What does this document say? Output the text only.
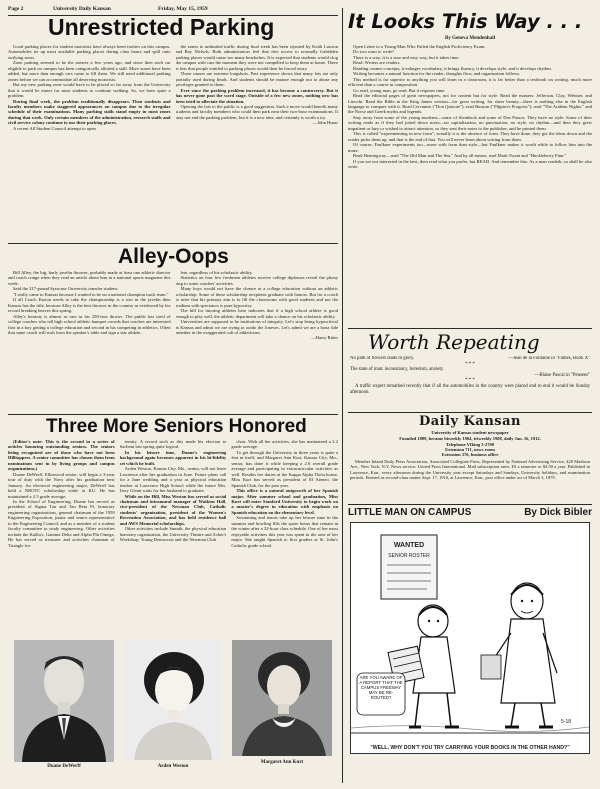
Page 2	University Daily Kansan	Friday, May 15, 1959
Unrestricted Parking

Good parking places for student motorists have always been rarities on this campus. Automobiles tie up most available parking places during class hours and spill onto outlying areas.

Zone parking seemed to be the answer a few years ago, and since then each car eligible to park on campus has been categorically allotted a stall. More zones have been added, but more than enough cars came to fill them. We still need additional parking zones before we can accommodate all deserving motorists.

But my new parking zone would have to be placed so far away from the University that it would be easier for most students to continue walking. So, we have quite a problem.

During final week, the problem traditionally disappears. Then students and faculty members make staggered appearances on campus due to the irregular schedule of their examinations. Many parking stalls stand empty in most zones during that week. Only certain members of the administration, research staffs and civil service colony continue to use their parking places.

A recent All Student Council attempt to open

the zones to unlimited traffic during final week has been stymied by Keith Lawton and Ray Nichols. Both administrators feel that free access to normally forbidden parking places would cause too many headaches. It is expected that students would clog the campus with cars the moment they were not compelled to keep them at home. There is fear that people entitled to parking places would then be forced away.

These causes are extreme longshots. Past experience shows that many lots are only partially used during finals. And students should be mature enough not to abuse any privileges granted to them.

Ever since the parking problem increased, it has become a controversy. But it has never gone past the word stage. Outside of a few new zones, nothing new has been tried to alleviate the situation.

Opening the lots to the public is a good suggestion. Such a move would benefit many students and faculty members who could then park near their two-hour examinations. It may not end the parking problem, but it is a new idea, and certainly is worth a try.

—John Husar

Alley-Oops

Bill Alley, the big, burly javelin thrower, probably made at least one athletic director and coach cringe when they read an article about him in a national sports magazine this week.

Said the 217-pound Syracuse University transfer student:

"I really came to Kansas because I wanted to be on a national champion track team."

If all Coach Easton needs to take the championship is a win in the javelin then Kansas has the title, because Alley is the best thrower in the country as evidenced by his record breaking heaves this spring.

Alley's honesty is almost as rare as his 250-foot throws. The public has tired of college coaches who tell high school athletic banquet crowds that coaches are interested first in a boy getting a college education and second in his competing in athletics. Often that same coach will rush from the speaker's table and sign a star athlete,

lete, regardless of his scholastic ability.

Statistics on four few freshmen athletes receive college diplomas reveal the phony ring to some coaches' activities.

Many boys would not have the chance at a college education without an athletic scholarship. Some of these scholarship recipients graduate with honors. But for a coach to infer that his primary aim is to fill the classrooms with good students and not the stadium with spectators is pure hypocrisy.

The bill for tutoring athletes here indicates that if a high school athlete is good enough to play well, the athletic department will take a chance on his scholastic ability.

Universities are supposed to be institutions of integrity. Let's stop being hypocritical at Kansas and admit we are trying to outdo the Joneses. Let's admit we are a bona fide member in the exaggerated cult of athleticism.

—Harry Ritter

Three More Seniors Honored

(Editor's note: This is the second in a series of articles honoring outstanding seniors. The seniors being recognized are of those who have not been Hilltoppers. A senior committee has chosen them from nominations sent in by living groups and campus organizations.)

Duane DeWerff, Ellinwood senior, will begin a 3-year tour of duty with the Navy after his graduation next January. An electrical engineering major, DeWerff has held a NROTC scholarship while at KU. He has maintained a 2.5 grade average.

In the School of Engineering, Duane has served as president of Sigma Tau and Tau Beta Pi, honorary engineering organizations, general chairman of the 1959 Engineering Exposition, junior and senior representative to the Engineering Council, and as a member of a student faculty committee to study engineering. Other activities include the KuKu's, Gamma Delta and Alpha Phi Omega. He has served as treasurer and activities chairman of Triangle fra-

ternity. A record such as this made his election to Sachem last spring quite logical.

In his leisure time, Duane's engineering background again becomes apparent in his hi-fidelity set which he built.

Arden Weston, Kansas City, Mo., senior, will not leave Lawrence after her graduation in June. Future plans call for a June wedding and a year as physical education teacher at Lawrence High School while the future Mrs. Jerry Glenn waits for her husband to graduate.

While on the Hill, Miss Weston has served as social chairman and intramural manager of Watkins Hall, vice-president of the Newman Club, Catholic students' organization, president of the Women's Recreation Association, and has held residence hall and AWS Memorial scholarships.

Other activities include Sunnik, the physical education honorary organization, the University Theatre and Acker's Workshop, Young Democrats and the Newman Club

choir. With all her activities, she has maintained a 2.2 grade average.

To get through the University in three years is quite a feat in itself, and Margaret Ann Kurt, Kansas City, Mo., senior, has done it while keeping a 2.6 overall grade average and participating in extracurricular activities as well. Besides her duties at the Kappa Alpha Theta house, Miss Kurt has served as president of El Ateneo, the Spanish Club, for the past year.

This office is a natural outgrowth of her Spanish major. After summer school and graduation, Miss Kurt will enter Stanford University to begin work on a master's degree in education with emphasis on Spanish education on the elementary level.

Swimming and tennis take up her leisure time in the summer and bowling fills the spare hours that remain in the winter after a 32-hour class schedule. One of her most enjoyable activities this year was spent in the area of her major. She taught Spanish to first graders at St. John's Catholic grade school.

Duane DeWerff	Arden Weston
Margaret Ann Kurt
It Looks This Way . . .
By Geneva Mendenhall

Open Letter to a Young Man Who Failed the English Proficiency Exam:

Do you want to write?

There is a way; it is a sure and easy way, but it takes time.

Read. Writers are readers.

Reading creates concepts, it enlarges vocabulary, it brings fluency, it develops style, and it develops rhythm.

Writing becomes a natural function for the reader; thoughts flow, and organization follows.

This method is far superior to anything you will learn in a classroom, it is far better than a textbook on writing, much more efficient than a course in composition.

Go read, young man, go read. But it requires time.

Read the editorial pages of great newspapers, not for content but for style. Read the masters: Jefferson, Clay, Webster, and Lincoln. Read the Bible in the King James version—for great writing, for sheer beauty—there is nothing else in the English language to compare with it. Read Cervantes ("Don Quixote"); read Bunyan ("Pilgrim's Progress"); read "The Arabian Nights," and the Norse and Greek myths and legends.

Stay away from some of the young moderns—some of Steinbeck and some of Dos Passos. They have no style. Some of their writing reads as if they had jotted down notes—no capitalization, no punctuation, no style, no rhythm—and then they grew impatient or lazy or wished to attract attention, so they sent their notes to the publisher, and he printed them.

This is called "experimenting in new form"; actually it is the absence of form. They have done, they got the ideas down and the reader picks them up, and that is the end of that. You will never learn about writing from them.

Of course, Faulkner experiments too—more with form than style—but Faulkner makes it worth while to follow him into the maze.

Read Hemingway—read "The Old Man and The Sea." And by all means, read Mark Twain and "Huckleberry Finn."

If you are not interested in the best, then read what you prefer, but READ. And remember this: As a man readeth, so shall he also write.

Worth Repeating
No path of flowers leads to glory.	—Jean de la Fontaine in "Fables, Book X"
* * *
The state of man: inconstancy, boredom, anxiety.
—Blaise Pascal in "Pensees"
* * *

A traffic expert remarked recently that if all the automobiles in the country were placed end to end it would be Sunday afternoon.

Daily Kansan
University of Kansas student newspaper
Founded 1889, became biweekly 1904, triweekly 1908, daily Jan. 16, 1912.
Telephone VIking 3-2700
Extension 711, news room
Extension 376, business office

Member Inland Daily Press Association, Associated Collegiate Press. Represented by National Advertising Service, 420 Madison Ave., New York, N.Y. News service: United Press International. Mail subscription rates: $3 a semester or $4.50 a year. Published in Lawrence, Kan., every afternoon during the University year except Saturdays and Sundays, University holidays, and examination periods. Entered as second-class matter Sept. 17, 1910, at Lawrence, Kan., post office under act of March 3, 1879.

LITTLE MAN ON CAMPUS	By Dick Bibler
WANTED
SENIOR ROSTER
ARE YOU AWARE OF A REPORT THAT THE CAMPUS FREEWAY MAY BE RE-ROUTED?
5-18
"WELL, WHY DON'T YOU TRY CARRYING YOUR BOOKS IN THE OTHER HAND?"
